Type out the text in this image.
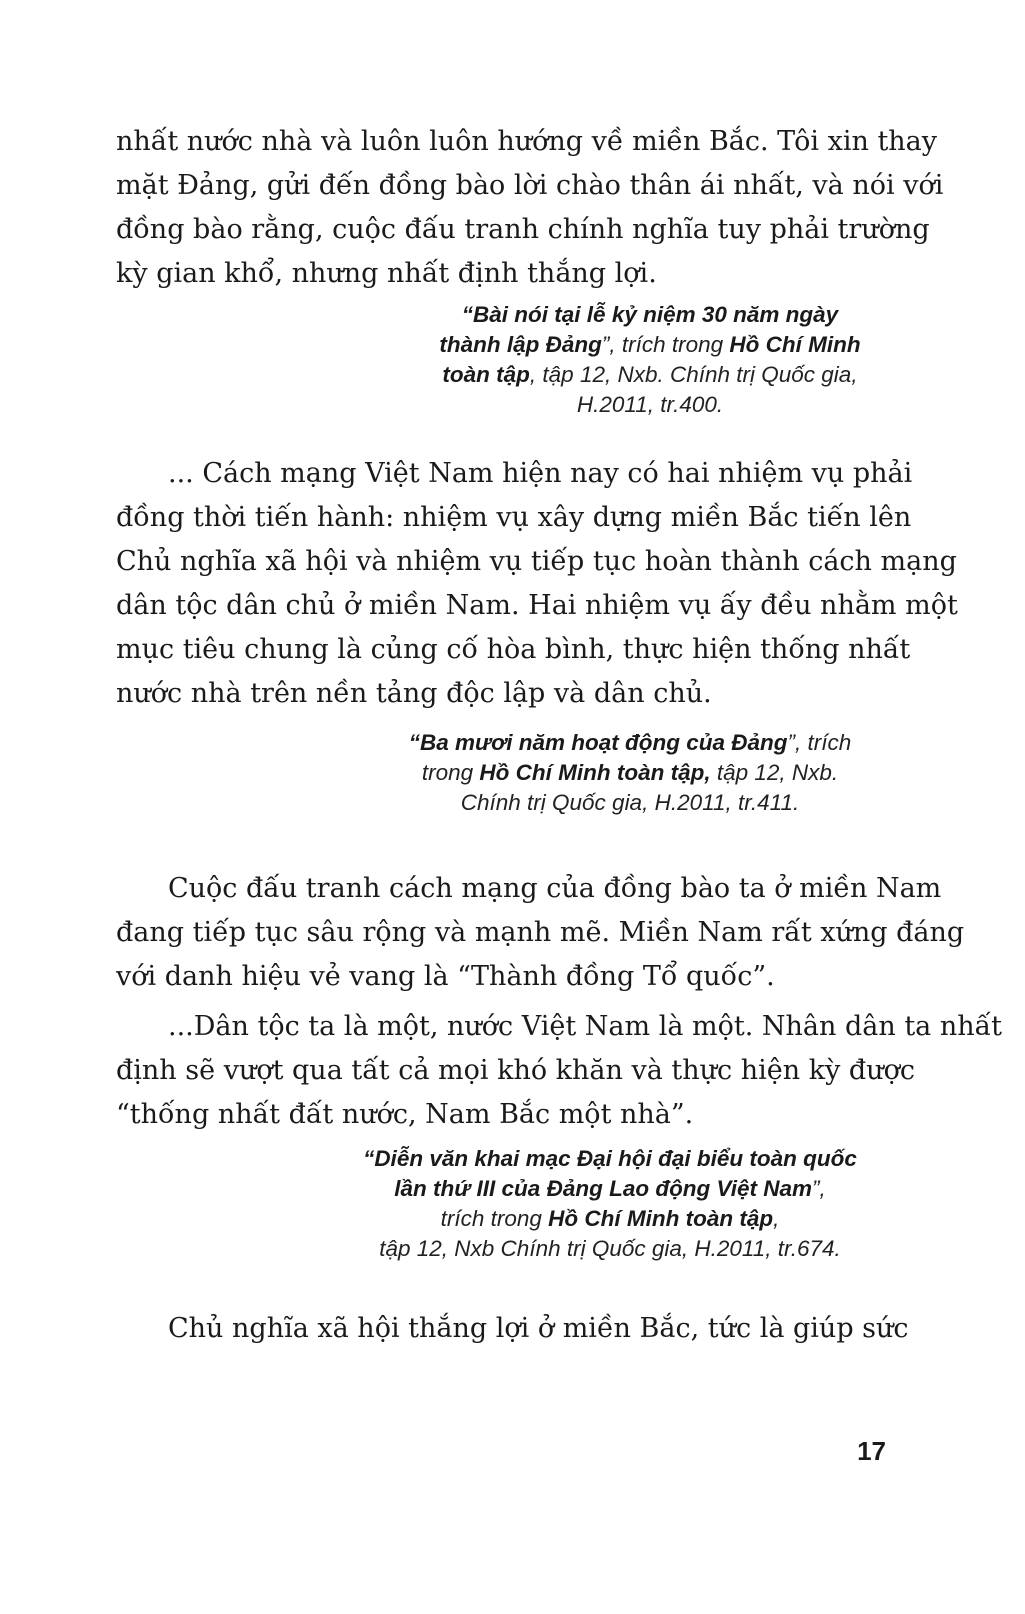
nhất nước nhà và luôn luôn hướng về miền Bắc. Tôi xin thay
mặt Đảng, gửi đến đồng bào lời chào thân ái nhất, và nói với
đồng bào rằng, cuộc đấu tranh chính nghĩa tuy phải trường
kỳ gian khổ, nhưng nhất định thắng lợi.
“Bài nói tại lễ kỷ niệm 30 năm ngày
thành lập Đảng”, trích trong Hồ Chí Minh
toàn tập, tập 12, Nxb. Chính trị Quốc gia,
H.2011, tr.400.
... Cách mạng Việt Nam hiện nay có hai nhiệm vụ phải
đồng thời tiến hành: nhiệm vụ xây dựng miền Bắc tiến lên
Chủ nghĩa xã hội và nhiệm vụ tiếp tục hoàn thành cách mạng
dân tộc dân chủ ở miền Nam. Hai nhiệm vụ ấy đều nhằm một
mục tiêu chung là củng cố hòa bình, thực hiện thống nhất
nước nhà trên nền tảng độc lập và dân chủ.
“Ba mươi năm hoạt động của Đảng”, trích
trong Hồ Chí Minh toàn tập, tập 12, Nxb.
Chính trị Quốc gia, H.2011, tr.411.
Cuộc đấu tranh cách mạng của đồng bào ta ở miền Nam
đang tiếp tục sâu rộng và mạnh mẽ. Miền Nam rất xứng đáng
với danh hiệu vẻ vang là “Thành đồng Tổ quốc”.
...Dân tộc ta là một, nước Việt Nam là một. Nhân dân ta nhất
định sẽ vượt qua tất cả mọi khó khăn và thực hiện kỳ được
“thống nhất đất nước, Nam Bắc một nhà”.
“Diễn văn khai mạc Đại hội đại biểu toàn quốc
lần thứ III của Đảng Lao động Việt Nam”,
trích trong Hồ Chí Minh toàn tập,
tập 12, Nxb Chính trị Quốc gia, H.2011, tr.674.
Chủ nghĩa xã hội thắng lợi ở miền Bắc, tức là giúp sức
17
